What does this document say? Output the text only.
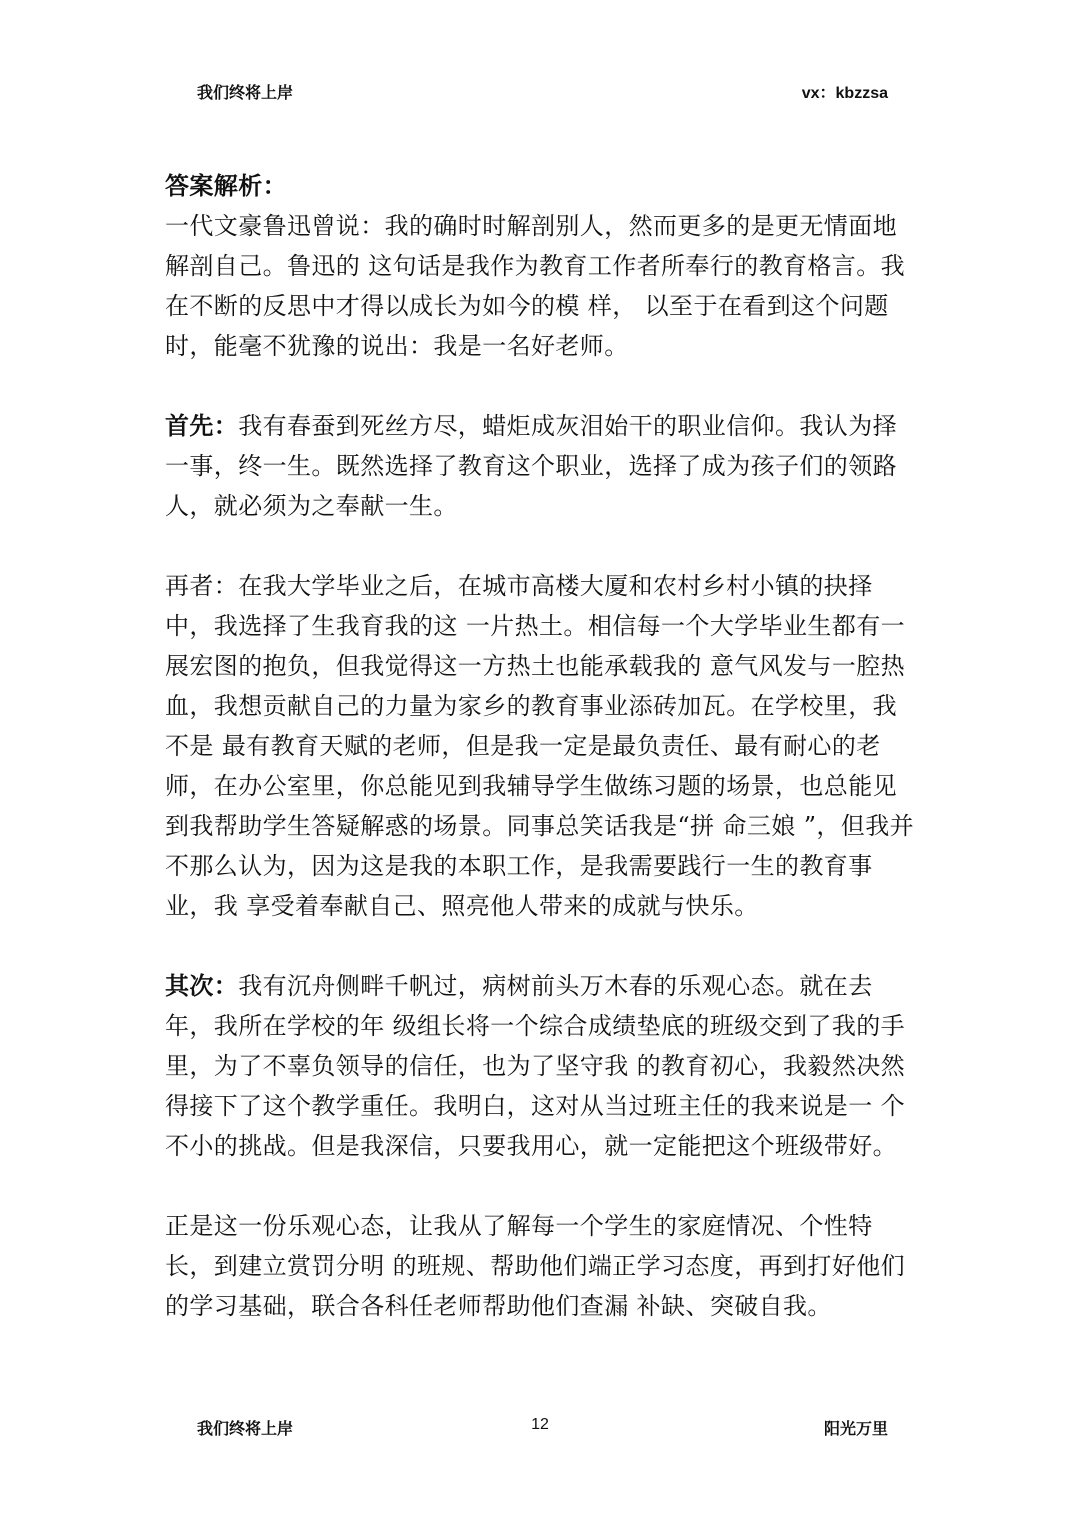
我们终将上岸	vx：kbzzsa
答案解析：

一代文豪鲁迅曾说：我的确时时解剖别人，然而更多的是更无情面地解剖自己。鲁迅的 这句话是我作为教育工作者所奉行的教育格言。我在不断的反思中才得以成长为如今的模 样， 以至于在看到这个问题时，能毫不犹豫的说出：我是一名好老师。

首先：我有春蚕到死丝方尽，蜡炬成灰泪始干的职业信仰。我认为择一事，终一生。既然选择了教育这个职业，选择了成为孩子们的领路人，就必须为之奉献一生。

再者：在我大学毕业之后，在城市高楼大厦和农村乡村小镇的抉择中，我选择了生我育我的这 一片热土。相信每一个大学毕业生都有一展宏图的抱负，但我觉得这一方热土也能承载我的 意气风发与一腔热血，我想贡献自己的力量为家乡的教育事业添砖加瓦。在学校里，我不是 最有教育天赋的老师，但是我一定是最负责任、最有耐心的老师，在办公室里，你总能见到我辅导学生做练习题的场景，也总能见到我帮助学生答疑解惑的场景。同事总笑话我是“拼 命三娘 ”，但我并不那么认为，因为这是我的本职工作，是我需要践行一生的教育事业，我 享受着奉献自己、照亮他人带来的成就与快乐。

其次：我有沉舟侧畔千帆过，病树前头万木春的乐观心态。就在去年，我所在学校的年 级组长将一个综合成绩垫底的班级交到了我的手里，为了不辜负领导的信任，也为了坚守我 的教育初心，我毅然决然得接下了这个教学重任。我明白，这对从当过班主任的我来说是一 个不小的挑战。但是我深信，只要我用心，就一定能把这个班级带好。

正是这一份乐观心态，让我从了解每一个学生的家庭情况、个性特长，到建立赏罚分明 的班规、帮助他们端正学习态度，再到打好他们的学习基础，联合各科任老师帮助他们查漏 补缺、突破自我。

我们终将上岸	12	阳光万里
